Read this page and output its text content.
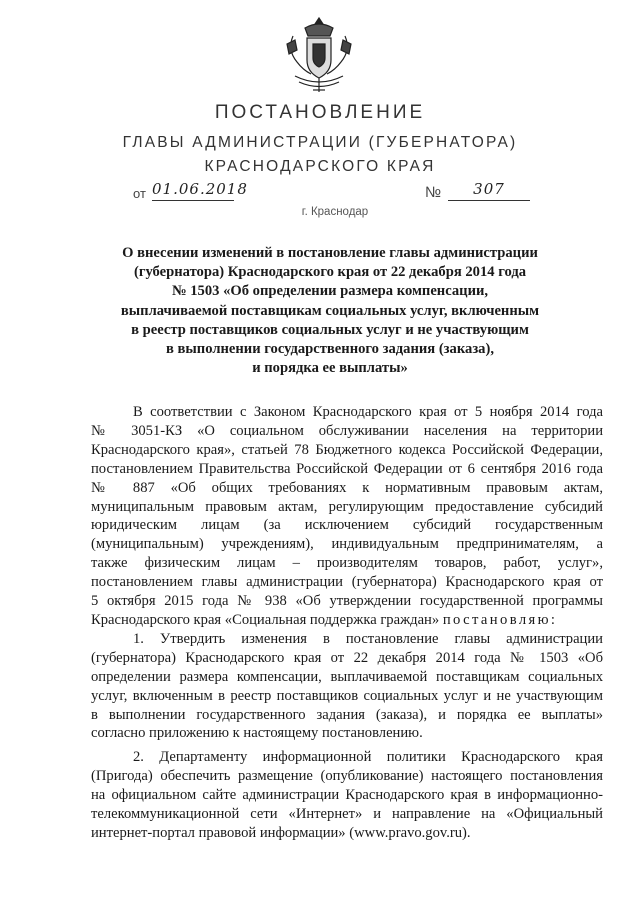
ПОСТАНОВЛЕНИЕ
ГЛАВЫ АДМИНИСТРАЦИИ (ГУБЕРНАТОРА)
КРАСНОДАРСКОГО КРАЯ
от 01.06.2018	№	307
г. Краснодар
О внесении изменений в постановление главы администрации
(губернатора) Краснодарского края от 22 декабря 2014 года
№ 1503 «Об определении размера компенсации,
выплачиваемой поставщикам социальных услуг, включенным
в реестр поставщиков социальных услуг и не участвующим
в выполнении государственного задания (заказа),
и порядка ее выплаты»
В соответствии с Законом Краснодарского края от 5 ноября 2014 года
№ 3051-КЗ «О социальном обслуживании населения на территории
Краснодарского края», статьей 78 Бюджетного кодекса Российской Федерации,
постановлением Правительства Российской Федерации от 6 сентября 2016 года
№ 887 «Об общих требованиях к нормативным правовым актам,
муниципальным правовым актам, регулирующим предоставление субсидий
юридическим лицам (за исключением субсидий государственным
(муниципальным) учреждениям), индивидуальным предпринимателям, а
также физическим лицам – производителям товаров, работ, услуг»,
постановлением главы администрации (губернатора) Краснодарского края от
5 октября 2015 года № 938 «Об утверждении государственной программы
Краснодарского края «Социальная поддержка граждан» постановляю:
1. Утвердить изменения в постановление главы администрации
(губернатора) Краснодарского края от 22 декабря 2014 года № 1503 «Об
определении размера компенсации, выплачиваемой поставщикам социальных
услуг, включенным в реестр поставщиков социальных услуг и не участвующим
в выполнении государственного задания (заказа), и порядка ее выплаты»
согласно приложению к настоящему постановлению.
2. Департаменту информационной политики Краснодарского края
(Пригода) обеспечить размещение (опубликование) настоящего постановления
на официальном сайте администрации Краснодарского края в информационно-
телекоммуникационной сети «Интернет» и направление на «Официальный
интернет-портал правовой информации» (www.pravo.gov.ru).
